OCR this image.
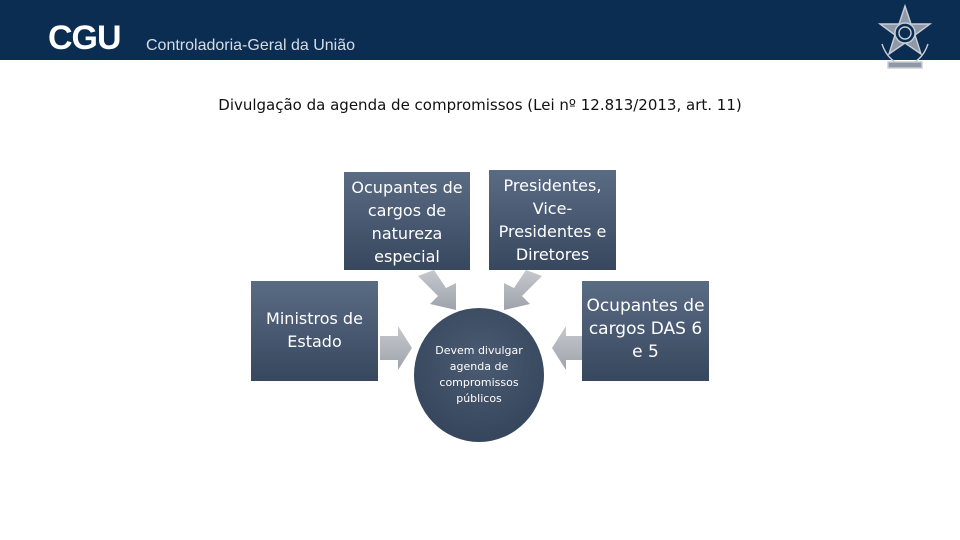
CGU Controladoria-Geral da União
Divulgação da agenda de compromissos (Lei nº 12.813/2013, art. 11)
Ocupantes de cargos de natureza especial
Presidentes, Vice-Presidentes e Diretores
Ministros de Estado
Ocupantes de cargos DAS 6 e 5
Devem divulgar agenda de compromissos públicos
